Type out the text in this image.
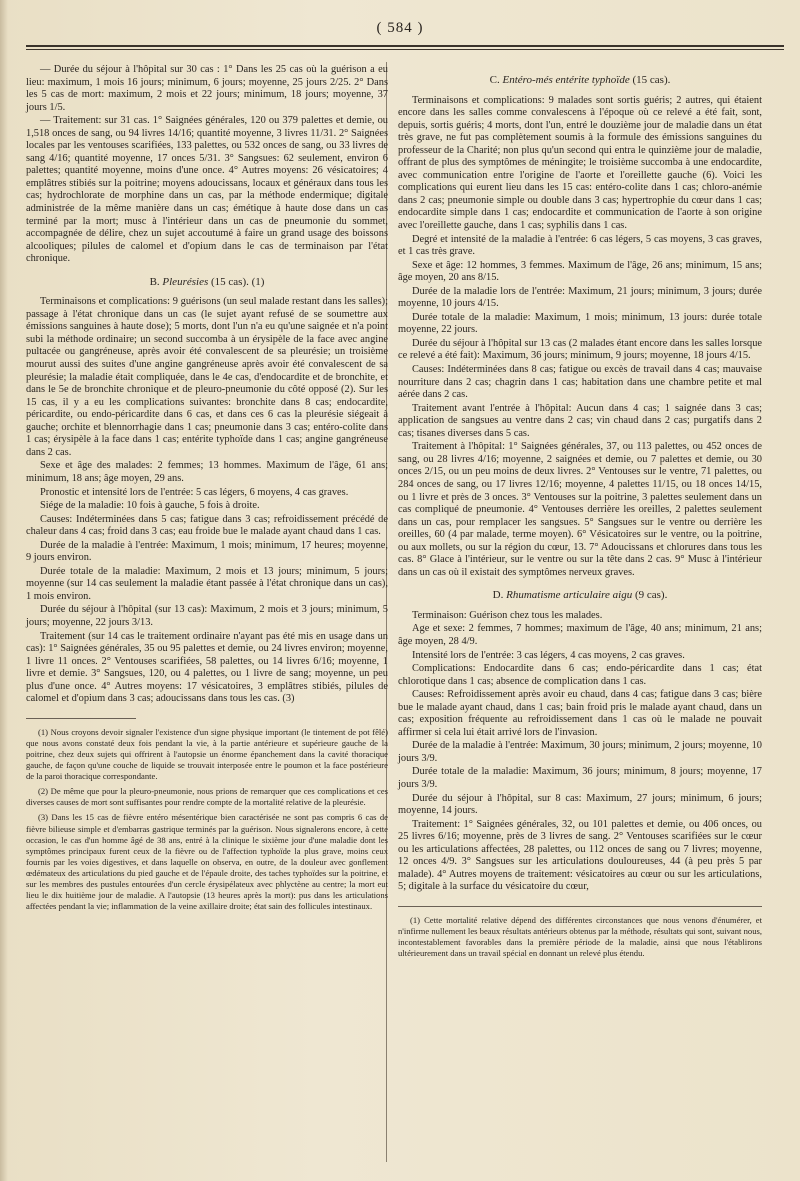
( 584 )

— Durée du séjour à l'hôpital sur 30 cas : 1° Dans les 25 cas où la guérison a eu lieu: maximum, 1 mois 16 jours; minimum, 6 jours; moyenne, 25 jours 2/25. 2° Dans les 5 cas de mort: maximum, 2 mois et 22 jours; minimum, 18 jours; moyenne, 37 jours 1/5.

— Traitement: sur 31 cas. 1° Saignées générales, 120 ou 379 palettes et demie, ou 1,518 onces de sang, ou 94 livres 14/16; quantité moyenne, 3 livres 11/31. 2° Saignées locales par les ventouses scarifiées, 133 palettes, ou 532 onces de sang, ou 33 livres de sang 4/16; quantité moyenne, 17 onces 5/31. 3° Sangsues: 62 seulement, environ 6 palettes; quantité moyenne, moins d'une once. 4° Autres moyens: 26 vésicatoires; 4 emplâtres stibiés sur la poitrine; moyens adoucissans, locaux et généraux dans tous les cas; hydrochlorate de morphine dans un cas, par la méthode endermique; digitale administrée de la même manière dans un cas; émétique à haute dose dans un cas terminé par la mort; musc à l'intérieur dans un cas de pneumonie du sommet, accompagnée de délire, chez un sujet accoutumé à faire un grand usage des boissons alcooliques; pilules de calomel et d'opium dans le cas de terminaison par l'état chronique.

B. Pleurésies (15 cas). (1)

Terminaisons et complications: 9 guérisons (un seul malade restant dans les salles); passage à l'état chronique dans un cas (le sujet ayant refusé de se soumettre aux émissions sanguines à haute dose); 5 morts, dont l'un n'a eu qu'une saignée et n'a point subi la méthode ordinaire; un second succomba à un érysipèle de la face avec angine pultacée ou gangréneuse, après avoir été convalescent de sa pleurésie; un troisième mourut aussi des suites d'une angine gangréneuse après avoir été convalescent de sa pleurésie; la maladie était compliquée, dans le 4e cas, d'endocardite et de bronchite, et dans le 5e de bronchite chronique et de pleuro-pneumonie du côté opposé (2). Sur les 15 cas, il y a eu les complications suivantes: bronchite dans 8 cas; endocardite, péricardite, ou endo-péricardite dans 6 cas, et dans ces 6 cas la pleurésie siégeait à gauche; orchite et blennorrhagie dans 1 cas; pneumonie dans 3 cas; entéro-colite dans 1 cas; érysipèle à la face dans 1 cas; entérite typhoïde dans 1 cas; angine gangréneuse dans 2 cas.

Sexe et âge des malades: 2 femmes; 13 hommes. Maximum de l'âge, 61 ans; minimum, 18 ans; âge moyen, 29 ans.

Pronostic et intensité lors de l'entrée: 5 cas légers, 6 moyens, 4 cas graves.

Siége de la maladie: 10 fois à gauche, 5 fois à droite.

Causes: Indéterminées dans 5 cas; fatigue dans 3 cas; refroidissement précédé de chaleur dans 4 cas; froid dans 3 cas; eau froide bue le malade ayant chaud dans 1 cas.

Durée de la maladie à l'entrée: Maximum, 1 mois; minimum, 17 heures; moyenne, 9 jours environ.

Durée totale de la maladie: Maximum, 2 mois et 13 jours; minimum, 5 jours; moyenne (sur 14 cas seulement la maladie étant passée à l'état chronique dans un cas), 1 mois environ.

Durée du séjour à l'hôpital (sur 13 cas): Maximum, 2 mois et 3 jours; minimum, 5 jours; moyenne, 22 jours 3/13.

Traitement (sur 14 cas le traitement ordinaire n'ayant pas été mis en usage dans un cas): 1° Saignées générales, 35 ou 95 palettes et demie, ou 24 livres environ; moyenne, 1 livre 11 onces. 2° Ventouses scarifiées, 58 palettes, ou 14 livres 6/16; moyenne, 1 livre et demie. 3° Sangsues, 120, ou 4 palettes, ou 1 livre de sang; moyenne, un peu plus d'une once. 4° Autres moyens: 17 vésicatoires, 3 emplâtres stibiés, pilules de calomel et d'opium dans 3 cas; adoucissans dans tous les cas. (3)

(1) Nous croyons devoir signaler l'existence d'un signe physique important (le tintement de pot fêlé) que nous avons constaté deux fois pendant la vie, à la partie antérieure et supérieure gauche de la poitrine, chez deux sujets qui offrirent à l'autopsie un énorme épanchement dans la cavité thoracique gauche, de façon qu'une couche de liquide se trouvait interposée entre le poumon et la face postérieure de la paroi thoracique correspondante.

(2) De même que pour la pleuro-pneumonie, nous prions de remarquer que ces complications et ces diverses causes de mort sont suffisantes pour rendre compte de la mortalité relative de la pleurésie.

(3) Dans les 15 cas de fièvre entéro mésentérique bien caractérisée ne sont pas compris 6 cas de fièvre bilieuse simple et d'embarras gastrique terminés par la guérison. Nous signalerons encore, à cette occasion, le cas d'un homme âgé de 38 ans, entré à la clinique le sixième jour d'une maladie dont les symptômes principaux furent ceux de la fièvre ou de l'affection typhoïde la plus grave, moins ceux fournis par les voies digestives, et dans laquelle on observa, en outre, de la douleur avec gonflement œdémateux des articulations du pied gauche et de l'épaule droite, des taches typhoïdes sur la poitrine, et sur les membres des pustules entourées d'un cercle érysipélateux avec phlyctène au centre; la mort eut lieu le dix huitième jour de maladie. A l'autopsie (13 heures après la mort): pus dans les articulations affectées pendant la vie; inflammation de la veine axillaire droite; état sain des follicules intestinaux.

C. Entéro-més entérite typhoïde (15 cas).

Terminaisons et complications: 9 malades sont sortis guéris; 2 autres, qui étaient encore dans les salles comme convalescens à l'époque où ce relevé a été fait, sont, depuis, sortis guéris; 4 morts, dont l'un, entré le douzième jour de maladie dans un état très grave, ne fut pas complètement soumis à la formule des émissions sanguines du professeur de la Charité; non plus qu'un second qui entra le quinzième jour de maladie, offrant de plus des symptômes de méningite; le troisième succomba à une endocardite, avec communication entre l'origine de l'aorte et l'oreillette gauche (6). Voici les complications qui eurent lieu dans les 15 cas: entéro-colite dans 1 cas; chloro-anémie dans 2 cas; pneumonie simple ou double dans 3 cas; hypertrophie du cœur dans 1 cas; endocardite simple dans 1 cas; endocardite et communication de l'aorte à son origine avec l'oreillette gauche, dans 1 cas; syphilis dans 1 cas.

Degré et intensité de la maladie à l'entrée: 6 cas légers, 5 cas moyens, 3 cas graves, et 1 cas très grave.

Sexe et âge: 12 hommes, 3 femmes. Maximum de l'âge, 26 ans; minimum, 15 ans; âge moyen, 20 ans 8/15.

Durée de la maladie lors de l'entrée: Maximum, 21 jours; minimum, 3 jours; durée moyenne, 10 jours 4/15.

Durée totale de la maladie: Maximum, 1 mois; minimum, 13 jours: durée totale moyenne, 22 jours.

Durée du séjour à l'hôpital sur 13 cas (2 malades étant encore dans les salles lorsque ce relevé a été fait): Maximum, 36 jours; minimum, 9 jours; moyenne, 18 jours 4/15.

Causes: Indéterminées dans 8 cas; fatigue ou excès de travail dans 4 cas; mauvaise nourriture dans 2 cas; chagrin dans 1 cas; habitation dans une chambre petite et mal aérée dans 2 cas.

Traitement avant l'entrée à l'hôpital: Aucun dans 4 cas; 1 saignée dans 3 cas; application de sangsues au ventre dans 2 cas; vin chaud dans 2 cas; purgatifs dans 2 cas; tisanes diverses dans 5 cas.

Traitement à l'hôpital: 1° Saignées générales, 37, ou 113 palettes, ou 452 onces de sang, ou 28 livres 4/16; moyenne, 2 saignées et demie, ou 7 palettes et demie, ou 30 onces 2/15, ou un peu moins de deux livres. 2° Ventouses sur le ventre, 71 palettes, ou 284 onces de sang, ou 17 livres 12/16; moyenne, 4 palettes 11/15, ou 18 onces 14/15, ou 1 livre et près de 3 onces. 3° Ventouses sur la poitrine, 3 palettes seulement dans un cas compliqué de pneumonie. 4° Ventouses derrière les oreilles, 2 palettes seulement dans un cas, pour remplacer les sangsues. 5° Sangsues sur le ventre ou derrière les oreilles, 60 (4 par malade, terme moyen). 6° Vésicatoires sur le ventre, ou la poitrine, ou aux mollets, ou sur la région du cœur, 13. 7° Adoucissans et chlorures dans tous les cas. 8° Glace à l'intérieur, sur le ventre ou sur la tête dans 2 cas. 9° Musc à l'intérieur dans un cas où il existait des symptômes nerveux graves.

D. Rhumatisme articulaire aigu (9 cas).

Terminaison: Guérison chez tous les malades.

Age et sexe: 2 femmes, 7 hommes; maximum de l'âge, 40 ans; minimum, 21 ans; âge moyen, 28 4/9.

Intensité lors de l'entrée: 3 cas légers, 4 cas moyens, 2 cas graves.

Complications: Endocardite dans 6 cas; endo-péricardite dans 1 cas; état chlorotique dans 1 cas; absence de complication dans 1 cas.

Causes: Refroidissement après avoir eu chaud, dans 4 cas; fatigue dans 3 cas; bière bue le malade ayant chaud, dans 1 cas; bain froid pris le malade ayant chaud, dans un cas; exposition fréquente au refroidissement dans 1 cas où le malade ne pouvait affirmer si cela lui était arrivé lors de l'invasion.

Durée de la maladie à l'entrée: Maximum, 30 jours; minimum, 2 jours; moyenne, 10 jours 3/9.

Durée totale de la maladie: Maximum, 36 jours; minimum, 8 jours; moyenne, 17 jours 3/9.

Durée du séjour à l'hôpital, sur 8 cas: Maximum, 27 jours; minimum, 6 jours; moyenne, 14 jours.

Traitement: 1° Saignées générales, 32, ou 101 palettes et demie, ou 406 onces, ou 25 livres 6/16; moyenne, près de 3 livres de sang. 2° Ventouses scarifiées sur le cœur ou les articulations affectées, 28 palettes, ou 112 onces de sang ou 7 livres; moyenne, 12 onces 4/9. 3° Sangsues sur les articulations douloureuses, 44 (à peu près 5 par malade). 4° Autres moyens de traitement: vésicatoires au cœur ou sur les articulations, 5; digitale à la surface du vésicatoire du cœur,

(1) Cette mortalité relative dépend des différentes circonstances que nous venons d'énumérer, et n'infirme nullement les beaux résultats antérieurs obtenus par la méthode, résultats qui sont, suivant nous, incontestablement favorables dans la première période de la maladie, ainsi que nous l'établirons ultérieurement dans un travail spécial en donnant un relevé plus étendu.
